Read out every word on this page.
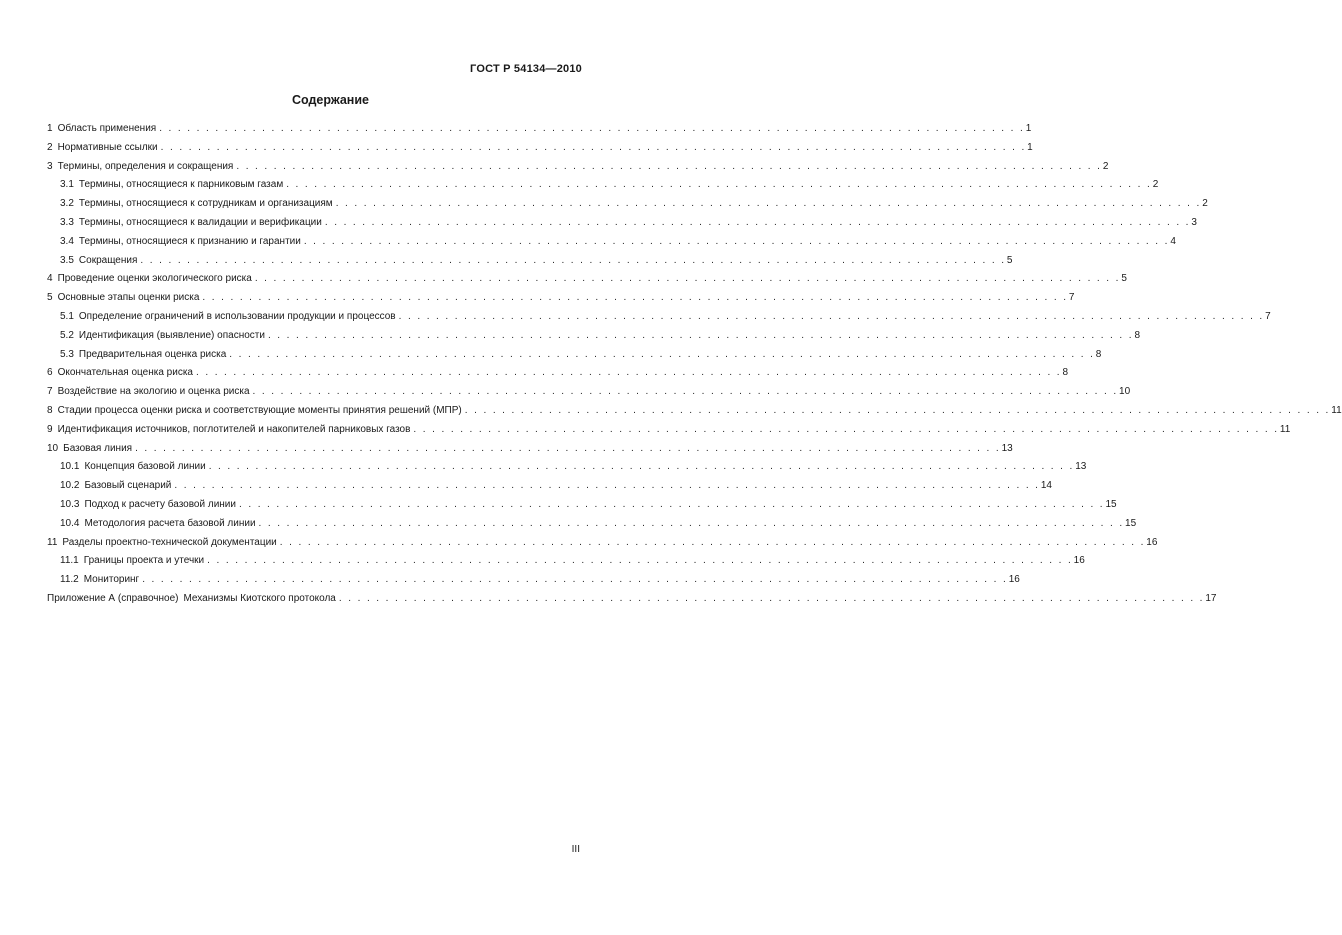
ГОСТ Р 54134—2010
Содержание
1 Область применения . . . . . . . . . . . . . . . . . . . . . . . . . . . . . . . . . . . . . . . . . . . . . . . . . . . . . . . . . . . . . . . . . . . . . . . . . . . . . . . . . . . . . . . . . . . . . 1
2 Нормативные ссылки . . . . . . . . . . . . . . . . . . . . . . . . . . . . . . . . . . . . . . . . . . . . . . . . . . . . . . . . . . . . . . . . . . . . . . . . . . . . . . . . . . . . . . . . . . . . . 1
3 Термины, определения и сокращения . . . . . . . . . . . . . . . . . . . . . . . . . . . . . . . . . . . . . . . . . . . . . . . . . . . . . . . . . . . . . . . . . . . . . . . . . . . . . . . . . . . . . . . . . . . . . 2
3.1 Термины, относящиеся к парниковым газам . . . . . . . . . . . . . . . . . . . . . . . . . . . . . . . . . . . . . . . . . . . . . . . . . . . . . . . . . . . . . . . . . . . . . . . . . . . . . . . . . . . . . . . . . . . . . 2
3.2 Термины, относящиеся к сотрудникам и организациям . . . . . . . . . . . . . . . . . . . . . . . . . . . . . . . . . . . . . . . . . . . . . . . . . . . . . . . . . . . . . . . . . . . . . . . . . . . . . . . . . . . . . . . . . . . . . 2
3.3 Термины, относящиеся к валидации и верификации . . . . . . . . . . . . . . . . . . . . . . . . . . . . . . . . . . . . . . . . . . . . . . . . . . . . . . . . . . . . . . . . . . . . . . . . . . . . . . . . . . . . . . . . . . . . . 3
3.4 Термины, относящиеся к признанию и гарантии . . . . . . . . . . . . . . . . . . . . . . . . . . . . . . . . . . . . . . . . . . . . . . . . . . . . . . . . . . . . . . . . . . . . . . . . . . . . . . . . . . . . . . . . . . . . . 4
3.5 Сокращения . . . . . . . . . . . . . . . . . . . . . . . . . . . . . . . . . . . . . . . . . . . . . . . . . . . . . . . . . . . . . . . . . . . . . . . . . . . . . . . . . . . . . . . . . . . . . 5
4 Проведение оценки экологического риска . . . . . . . . . . . . . . . . . . . . . . . . . . . . . . . . . . . . . . . . . . . . . . . . . . . . . . . . . . . . . . . . . . . . . . . . . . . . . . . . . . . . . . . . . . . . . 5
5 Основные этапы оценки риска . . . . . . . . . . . . . . . . . . . . . . . . . . . . . . . . . . . . . . . . . . . . . . . . . . . . . . . . . . . . . . . . . . . . . . . . . . . . . . . . . . . . . . . . . . . . . 7
5.1 Определение ограничений в использовании продукции и процессов . . . . . . . . . . . . . . . . . . . . . . . . . . . . . . . . . . . . . . . . . . . . . . . . . . . . . . . . . . . . . . . . . . . . . . . . . . . . . . . . . . . . . . . . . . . . . 7
5.2 Идентификация (выявление) опасности . . . . . . . . . . . . . . . . . . . . . . . . . . . . . . . . . . . . . . . . . . . . . . . . . . . . . . . . . . . . . . . . . . . . . . . . . . . . . . . . . . . . . . . . . . . . . 8
5.3 Предварительная оценка риска . . . . . . . . . . . . . . . . . . . . . . . . . . . . . . . . . . . . . . . . . . . . . . . . . . . . . . . . . . . . . . . . . . . . . . . . . . . . . . . . . . . . . . . . . . . . . 8
6 Окончательная оценка риска . . . . . . . . . . . . . . . . . . . . . . . . . . . . . . . . . . . . . . . . . . . . . . . . . . . . . . . . . . . . . . . . . . . . . . . . . . . . . . . . . . . . . . . . . . . . . 8
7 Воздействие на экологию и оценка риска . . . . . . . . . . . . . . . . . . . . . . . . . . . . . . . . . . . . . . . . . . . . . . . . . . . . . . . . . . . . . . . . . . . . . . . . . . . . . . . . . . . . . . . . . . . . . 10
8 Стадии процесса оценки риска и соответствующие моменты принятия решений (МПР) . . . . . . . . . . . . . . . . . . . . . . . . . . . . . . . . . . . . . . . . . . . . . . . . . . . . . . . . . . . . . . . . . . . . . . . . . . . . . . . . . . . . . . . . . . . . . 11
9 Идентификация источников, поглотителей и накопителей парниковых газов . . . . . . . . . . . . . . . . . . . . . . . . . . . . . . . . . . . . . . . . . . . . . . . . . . . . . . . . . . . . . . . . . . . . . . . . . . . . . . . . . . . . . . . . . . . . . 11
10 Базовая линия . . . . . . . . . . . . . . . . . . . . . . . . . . . . . . . . . . . . . . . . . . . . . . . . . . . . . . . . . . . . . . . . . . . . . . . . . . . . . . . . . . . . . . . . . . . . . 13
10.1 Концепция базовой линии . . . . . . . . . . . . . . . . . . . . . . . . . . . . . . . . . . . . . . . . . . . . . . . . . . . . . . . . . . . . . . . . . . . . . . . . . . . . . . . . . . . . . . . . . . . . . 13
10.2 Базовый сценарий . . . . . . . . . . . . . . . . . . . . . . . . . . . . . . . . . . . . . . . . . . . . . . . . . . . . . . . . . . . . . . . . . . . . . . . . . . . . . . . . . . . . . . . . . . . . . 14
10.3 Подход к расчету базовой линии . . . . . . . . . . . . . . . . . . . . . . . . . . . . . . . . . . . . . . . . . . . . . . . . . . . . . . . . . . . . . . . . . . . . . . . . . . . . . . . . . . . . . . . . . . . . . 15
10.4 Методология расчета базовой линии . . . . . . . . . . . . . . . . . . . . . . . . . . . . . . . . . . . . . . . . . . . . . . . . . . . . . . . . . . . . . . . . . . . . . . . . . . . . . . . . . . . . . . . . . . . . . 15
11 Разделы проектно-технической документации . . . . . . . . . . . . . . . . . . . . . . . . . . . . . . . . . . . . . . . . . . . . . . . . . . . . . . . . . . . . . . . . . . . . . . . . . . . . . . . . . . . . . . . . . . . . . 16
11.1 Границы проекта и утечки . . . . . . . . . . . . . . . . . . . . . . . . . . . . . . . . . . . . . . . . . . . . . . . . . . . . . . . . . . . . . . . . . . . . . . . . . . . . . . . . . . . . . . . . . . . . . 16
11.2 Мониторинг . . . . . . . . . . . . . . . . . . . . . . . . . . . . . . . . . . . . . . . . . . . . . . . . . . . . . . . . . . . . . . . . . . . . . . . . . . . . . . . . . . . . . . . . . . . . . 16
Приложение А (справочное) Механизмы Киотского протокола . . . . . . . . . . . . . . . . . . . . . . . . . . . . . . . . . . . . . . . . . . . . . . . . . . . . . . . . . . . . . . . . . . . . . . . . . . . . . . . . . . . . . . . . . . . . . 17
III
